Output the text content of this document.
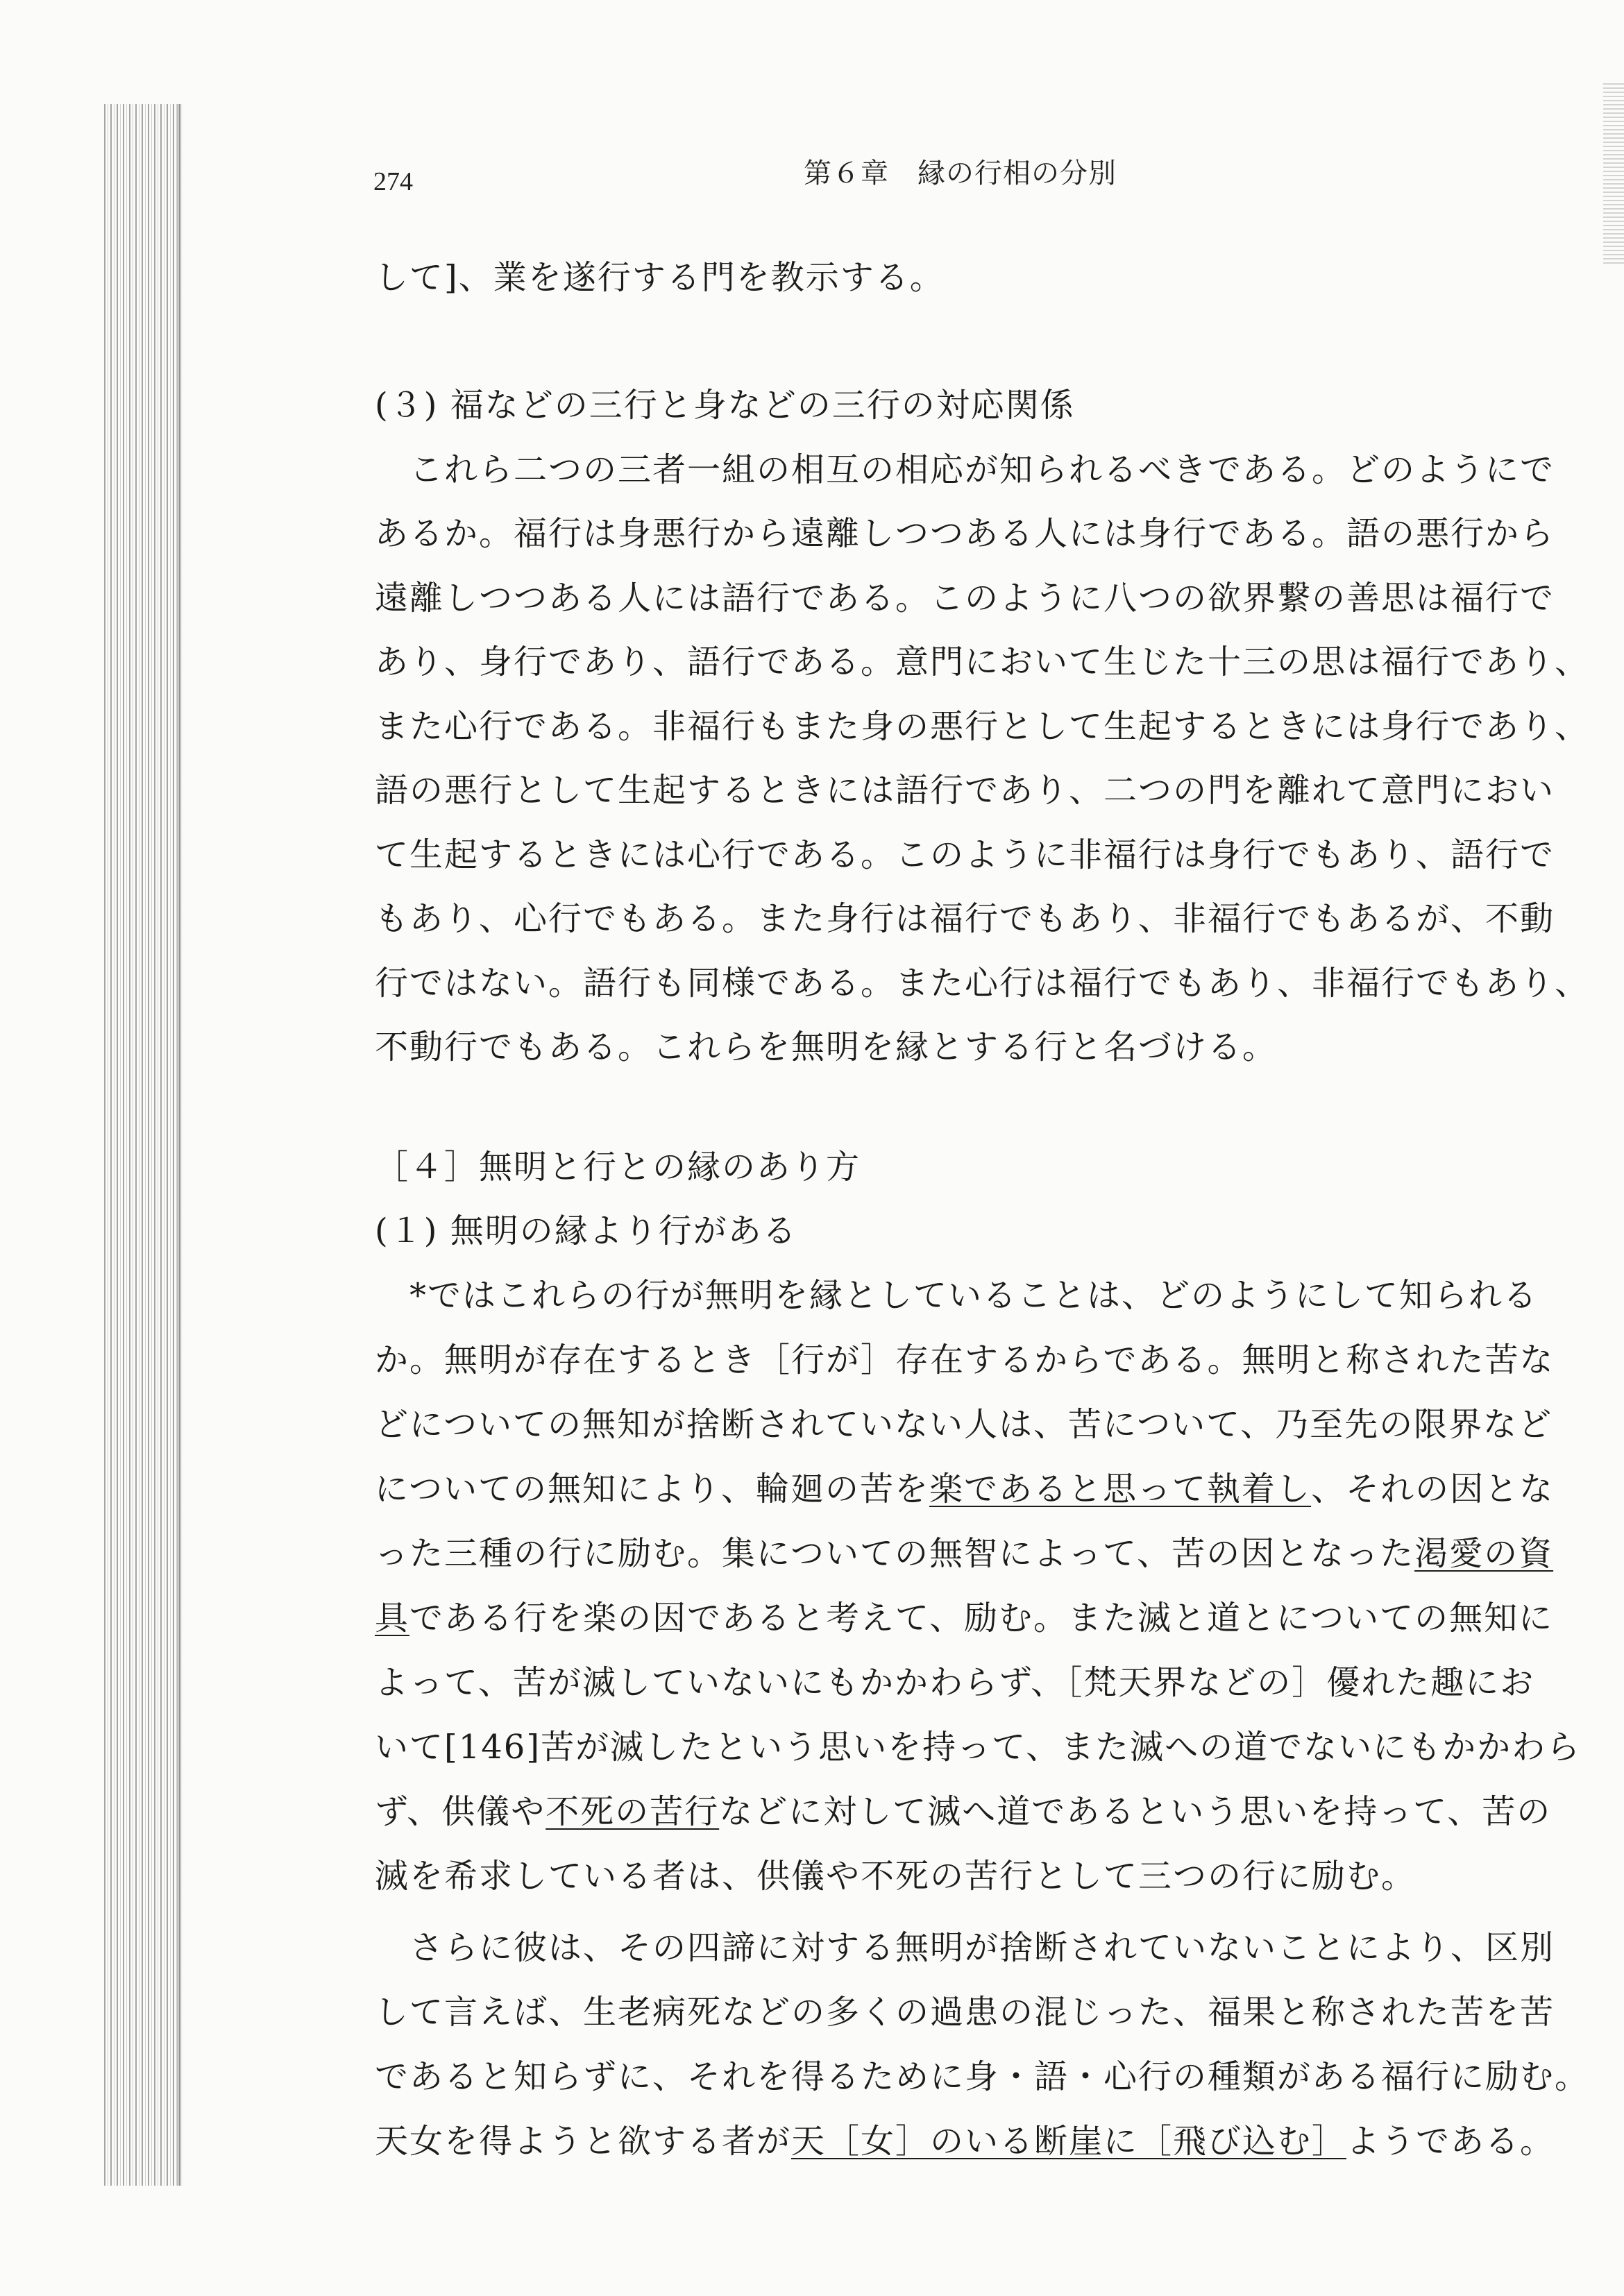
274	第６章　縁の行相の分別
して]、業を遂行する門を教示する。
(３) 福などの三行と身などの三行の対応関係
　これら二つの三者一組の相互の相応が知られるべきである。どのようにで
あるか。福行は身悪行から遠離しつつある人には身行である。語の悪行から
遠離しつつある人には語行である。このように八つの欲界繋の善思は福行で
あり、身行であり、語行である。意門において生じた十三の思は福行であり、
また心行である。非福行もまた身の悪行として生起するときには身行であり、
語の悪行として生起するときには語行であり、二つの門を離れて意門におい
て生起するときには心行である。このように非福行は身行でもあり、語行で
もあり、心行でもある。また身行は福行でもあり、非福行でもあるが、不動
行ではない。語行も同様である。また心行は福行でもあり、非福行でもあり、
不動行でもある。これらを無明を縁とする行と名づける。
［４］無明と行との縁のあり方
(１) 無明の縁より行がある
　*ではこれらの行が無明を縁としていることは、どのようにして知られる
か。無明が存在するとき［行が］存在するからである。無明と称された苦な
どについての無知が捨断されていない人は、苦について、乃至先の限界など
についての無知により、輪廻の苦を楽であると思って執着し、それの因とな
った三種の行に励む。集についての無智によって、苦の因となった渇愛の資
具である行を楽の因であると考えて、励む。また滅と道とについての無知に
よって、苦が滅していないにもかかわらず、［梵天界などの］優れた趣にお
いて[146]苦が滅したという思いを持って、また滅への道でないにもかかわら
ず、供儀や不死の苦行などに対して滅へ道であるという思いを持って、苦の
滅を希求している者は、供儀や不死の苦行として三つの行に励む。
　さらに彼は、その四諦に対する無明が捨断されていないことにより、区別
して言えば、生老病死などの多くの過患の混じった、福果と称された苦を苦
であると知らずに、それを得るために身・語・心行の種類がある福行に励む。
天女を得ようと欲する者が天［女］のいる断崖に［飛び込む］ようである。
